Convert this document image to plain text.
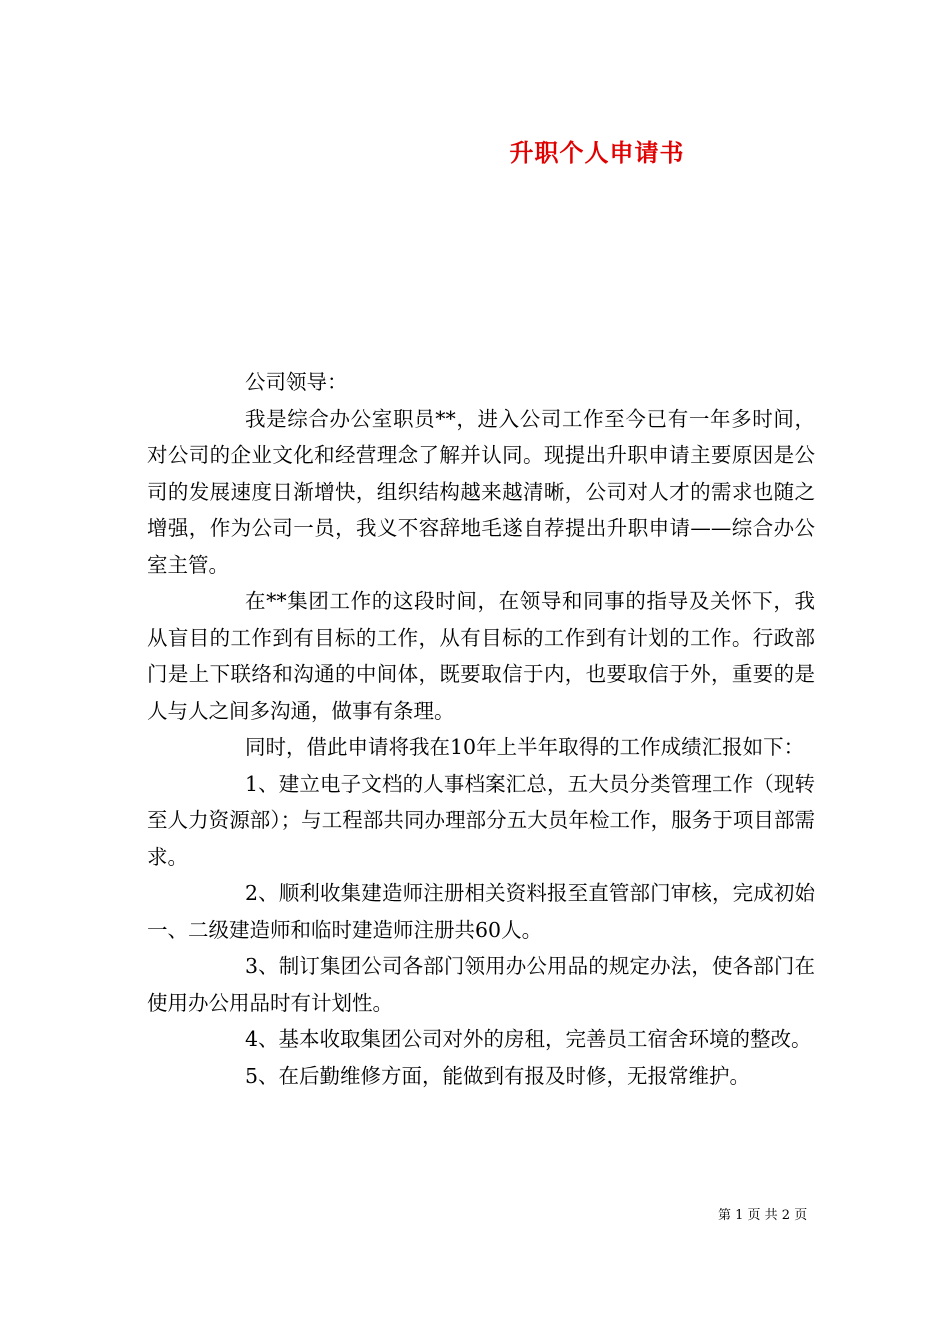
升职个人申请书

公司领导：

我是综合办公室职员**，进入公司工作至今已有一年多时间，对公司的企业文化和经营理念了解并认同。现提出升职申请主要原因是公司的发展速度日渐增快，组织结构越来越清晰，公司对人才的需求也随之增强，作为公司一员，我义不容辞地毛遂自荐提出升职申请——综合办公室主管。

在**集团工作的这段时间，在领导和同事的指导及关怀下，我从盲目的工作到有目标的工作，从有目标的工作到有计划的工作。行政部门是上下联络和沟通的中间体，既要取信于内，也要取信于外，重要的是人与人之间多沟通，做事有条理。

同时，借此申请将我在10年上半年取得的工作成绩汇报如下：

1、建立电子文档的人事档案汇总，五大员分类管理工作（现转至人力资源部）；与工程部共同办理部分五大员年检工作，服务于项目部需求。

2、顺利收集建造师注册相关资料报至直管部门审核，完成初始一、二级建造师和临时建造师注册共60人。

3、制订集团公司各部门领用办公用品的规定办法，使各部门在使用办公用品时有计划性。

4、基本收取集团公司对外的房租，完善员工宿舍环境的整改。

5、在后勤维修方面，能做到有报及时修，无报常维护。

第 1 页 共 2 页
